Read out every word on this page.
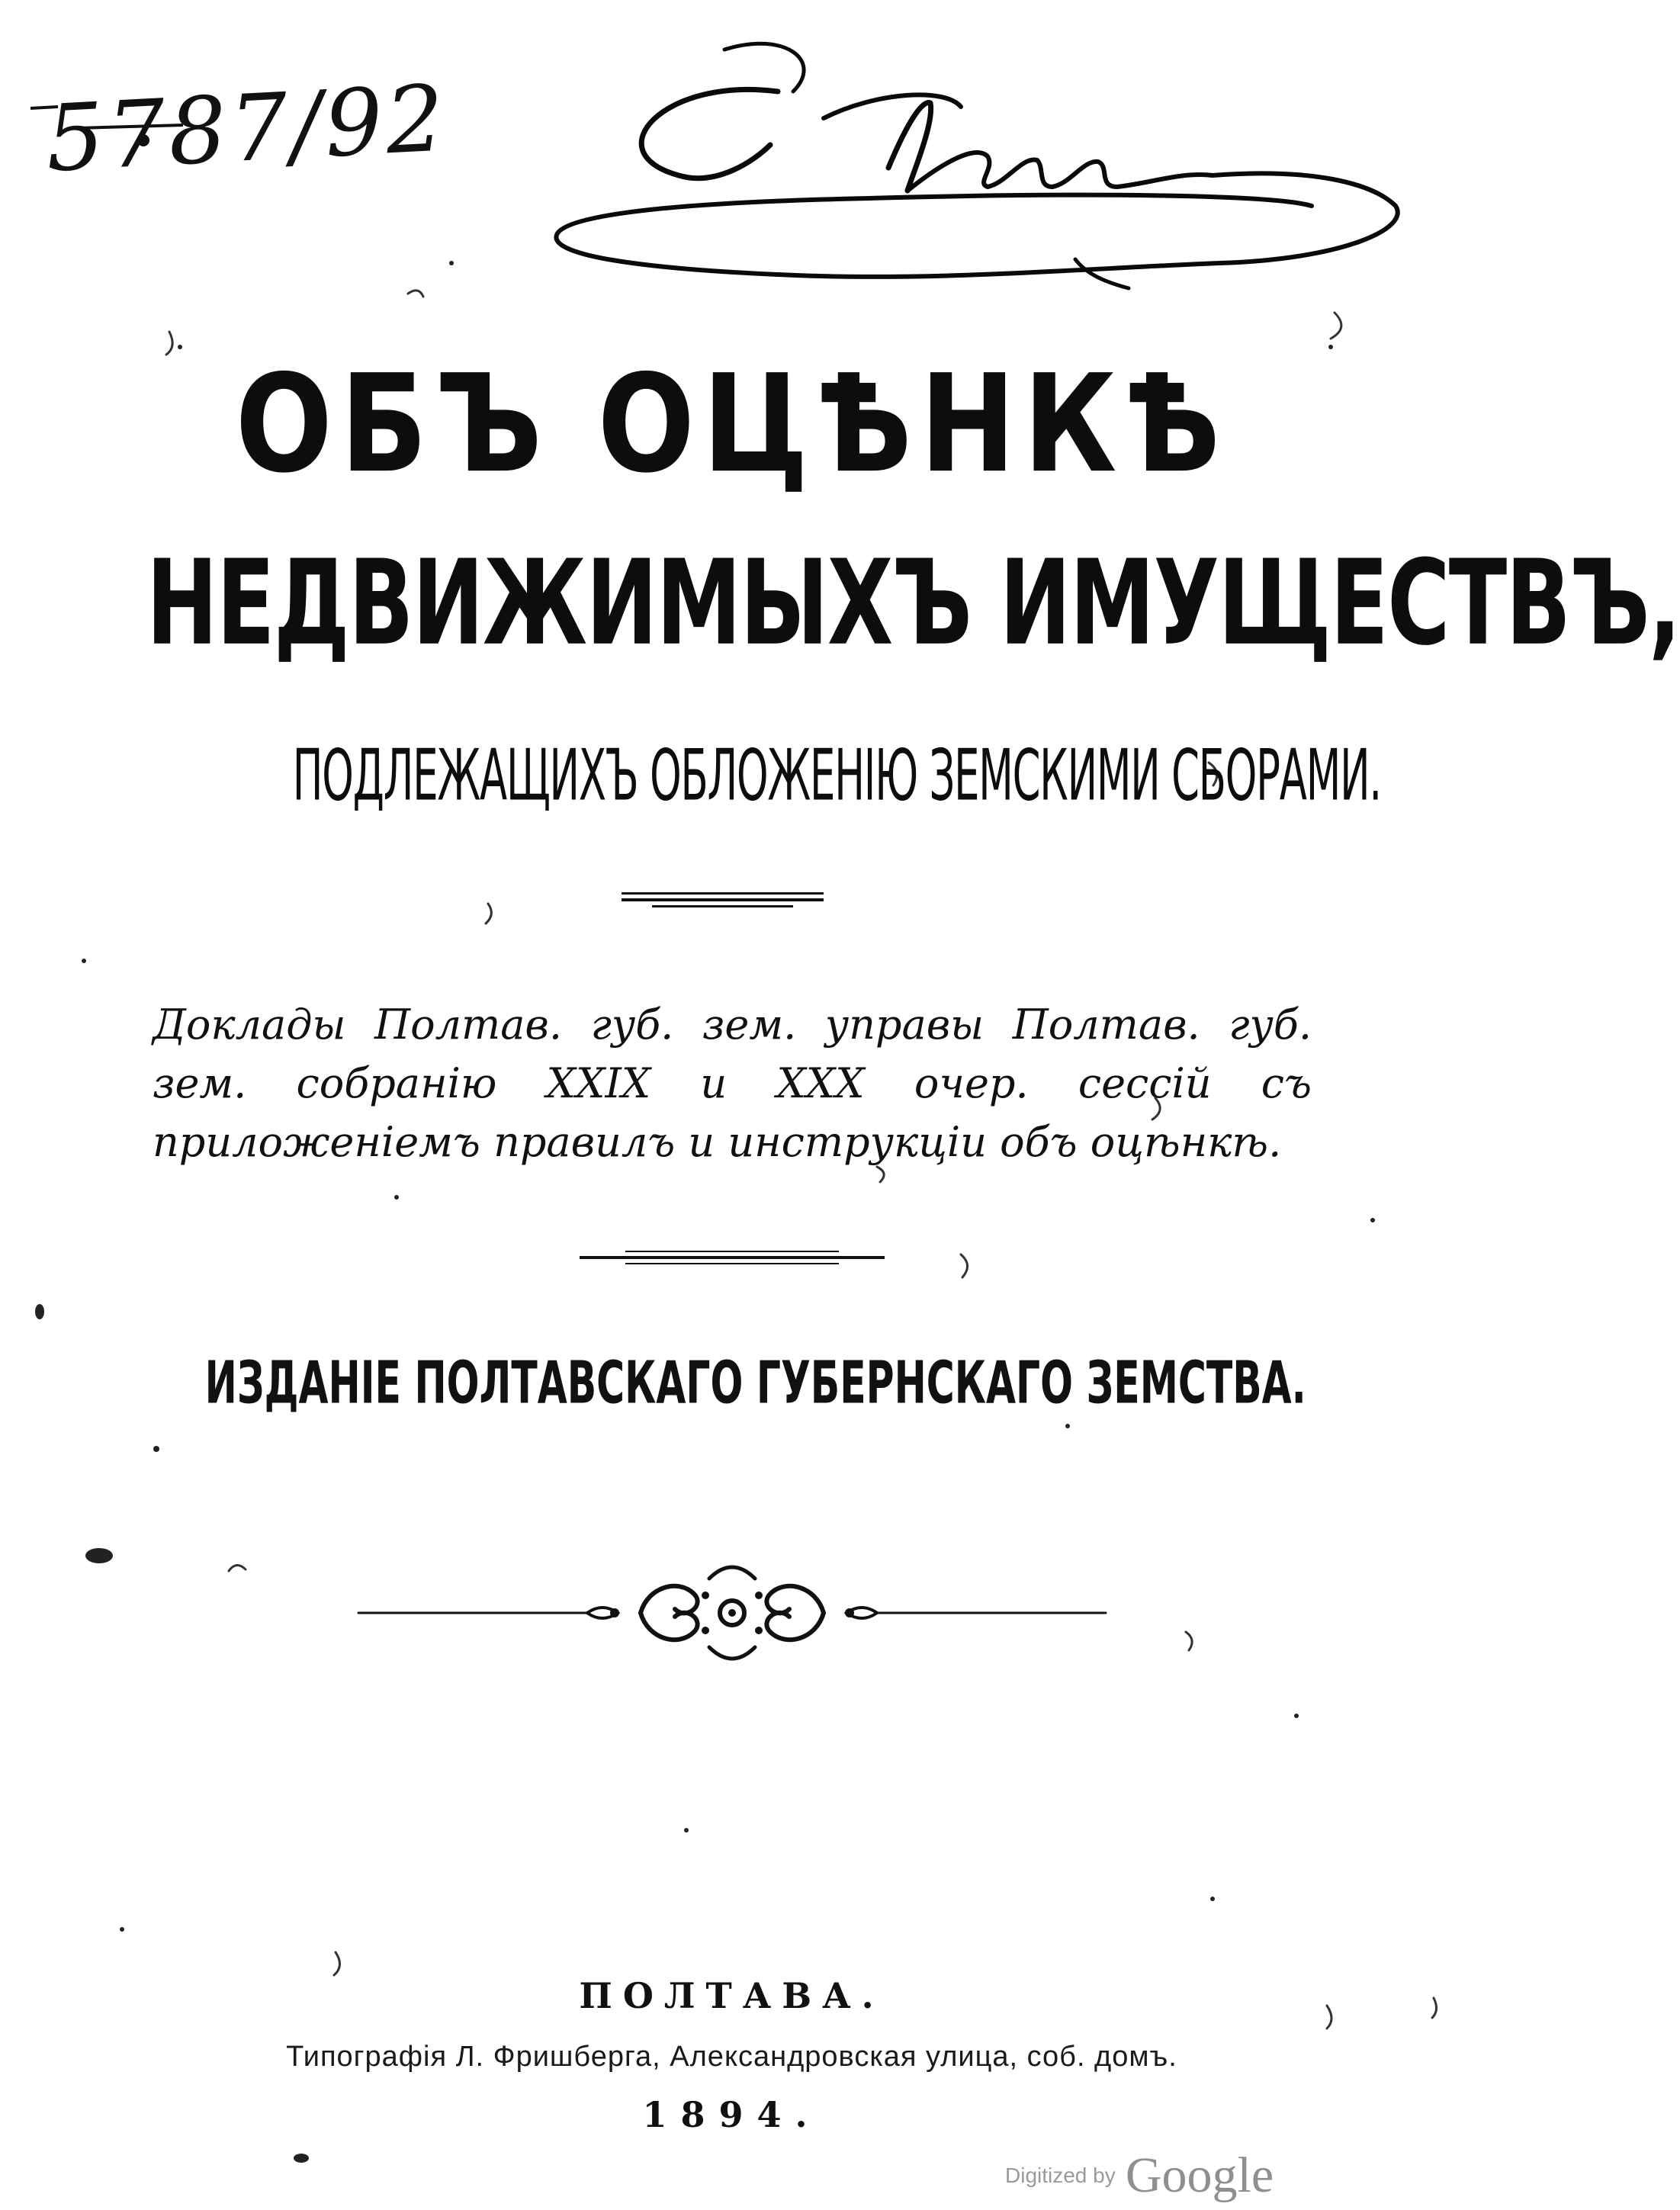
5787/92
ОБЪ ОЦѢНКѢ
НЕДВИЖИМЫХЪ ИМУЩЕСТВЪ,
ПОДЛЕЖАЩИХЪ ОБЛОЖЕНІЮ ЗЕМСКИМИ СБОРАМИ.
Доклады Полтав. губ. зем. управы Полтав. губ. зем. собранію XXIX и XXX очер. сессій съ приложеніемъ правилъ и инструкціи объ оцѣнкѣ.
ИЗДАНІЕ ПОЛТАВСКАГО ГУБЕРНСКАГО ЗЕМСТВА.
ПОЛТАВА.
Типографія Л. Фришберга, Александровская улица, соб. домъ.
1894.
Digitized by Google
